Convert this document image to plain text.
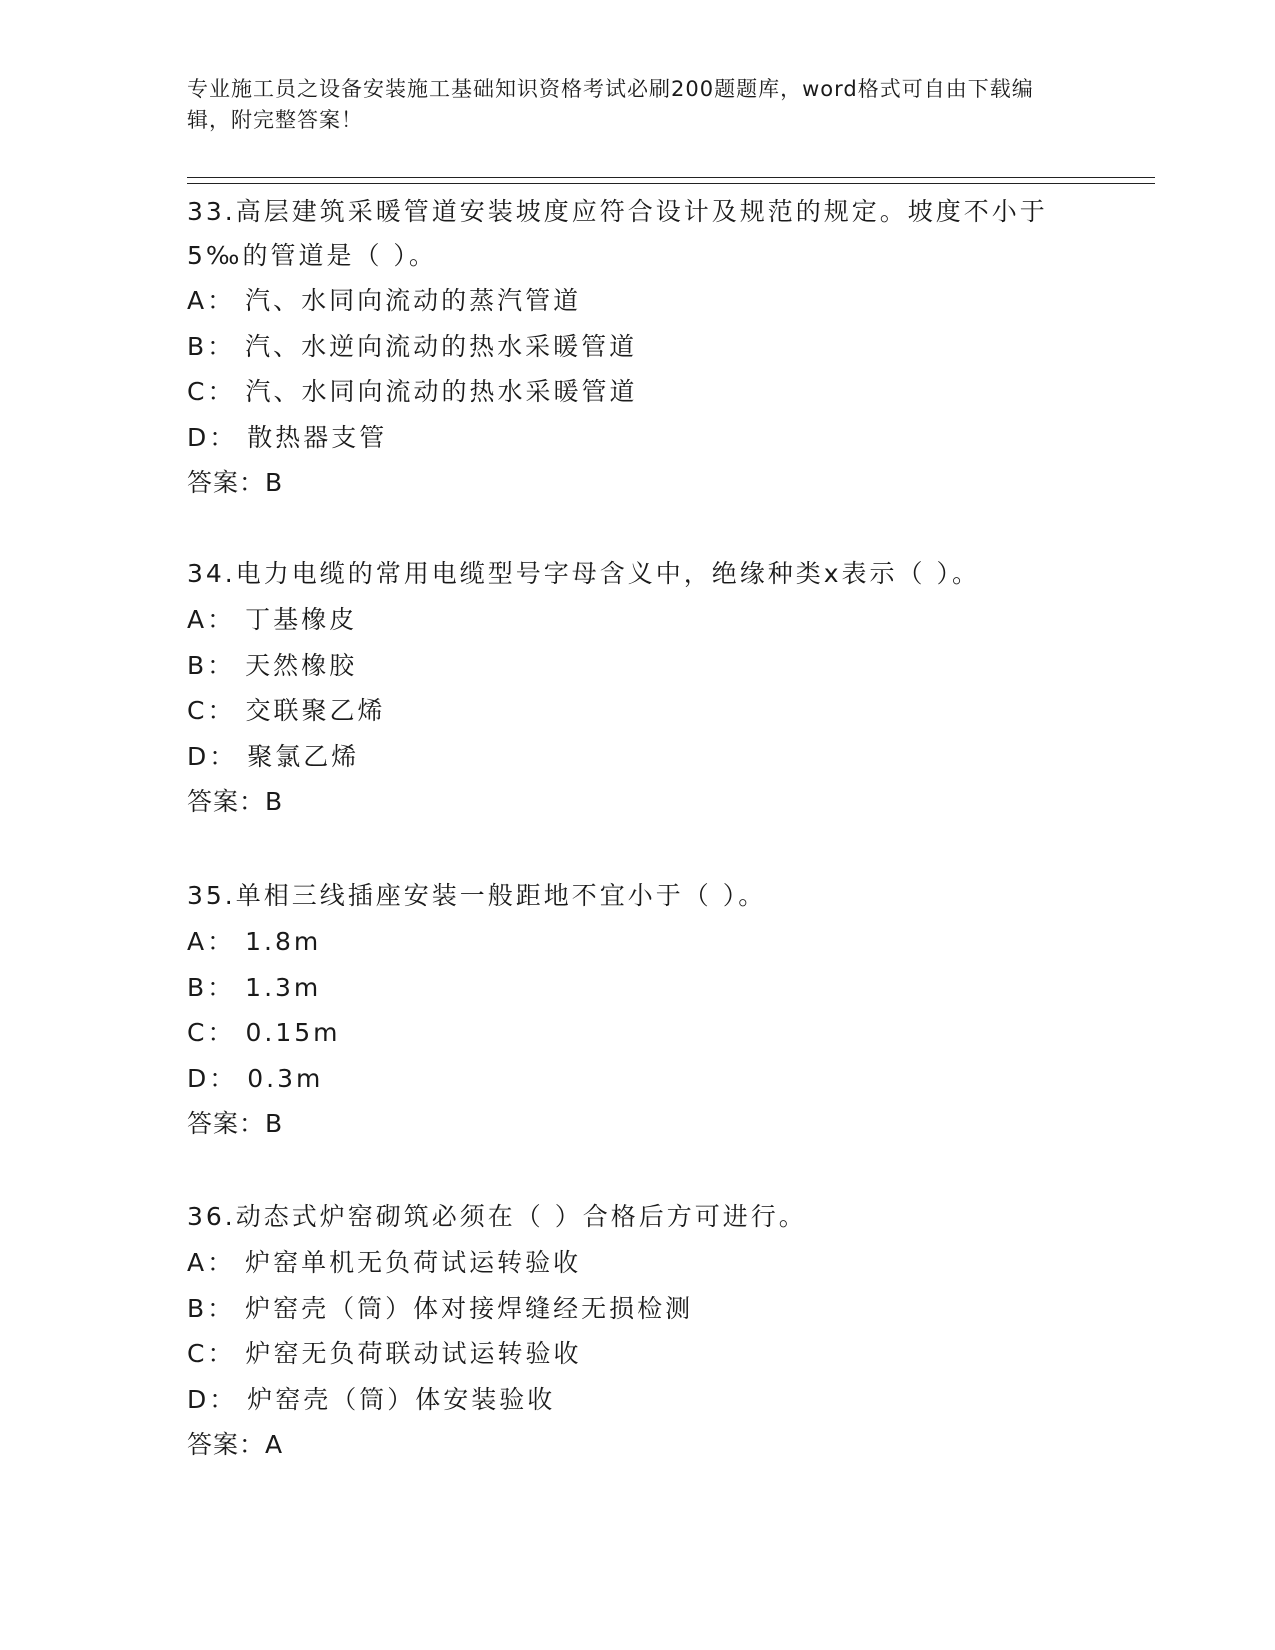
专业施工员之设备安装施工基础知识资格考试必刷200题题库，word格式可自由下载编辑，附完整答案！
33.高层建筑采暖管道安装坡度应符合设计及规范的规定。坡度不小于5‰的管道是（ ）。
A： 汽、水同向流动的蒸汽管道
B： 汽、水逆向流动的热水采暖管道
C： 汽、水同向流动的热水采暖管道
D： 散热器支管
答案：B
34.电力电缆的常用电缆型号字母含义中，绝缘种类x表示（ ）。
A： 丁基橡皮
B： 天然橡胶
C： 交联聚乙烯
D： 聚氯乙烯
答案：B
35.单相三线插座安装一般距地不宜小于（ ）。
A： 1.8m
B： 1.3m
C： 0.15m
D： 0.3m
答案：B
36.动态式炉窑砌筑必须在（ ）合格后方可进行。
A： 炉窑单机无负荷试运转验收
B： 炉窑壳（筒）体对接焊缝经无损检测
C： 炉窑无负荷联动试运转验收
D： 炉窑壳（筒）体安装验收
答案：A
